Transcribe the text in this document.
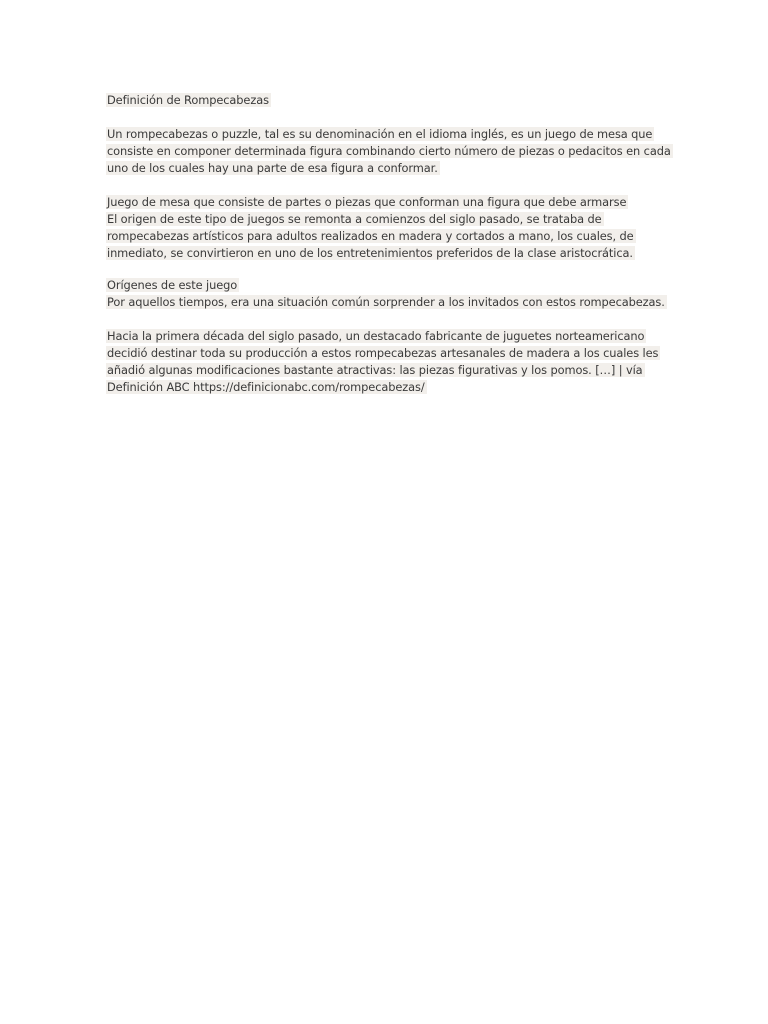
Definición de Rompecabezas
Un rompecabezas o puzzle, tal es su denominación en el idioma inglés, es un juego de mesa que
consiste en componer determinada figura combinando cierto número de piezas o pedacitos en cada
uno de los cuales hay una parte de esa figura a conformar.
Juego de mesa que consiste de partes o piezas que conforman una figura que debe armarse
El origen de este tipo de juegos se remonta a comienzos del siglo pasado, se trataba de
rompecabezas artísticos para adultos realizados en madera y cortados a mano, los cuales, de
inmediato, se convirtieron en uno de los entretenimientos preferidos de la clase aristocrática.
Orígenes de este juego
Por aquellos tiempos, era una situación común sorprender a los invitados con estos rompecabezas.
Hacia la primera década del siglo pasado, un destacado fabricante de juguetes norteamericano
decidió destinar toda su producción a estos rompecabezas artesanales de madera a los cuales les
añadió algunas modificaciones bastante atractivas: las piezas figurativas y los pomos. […] | vía
Definición ABC https://definicionabc.com/rompecabezas/
